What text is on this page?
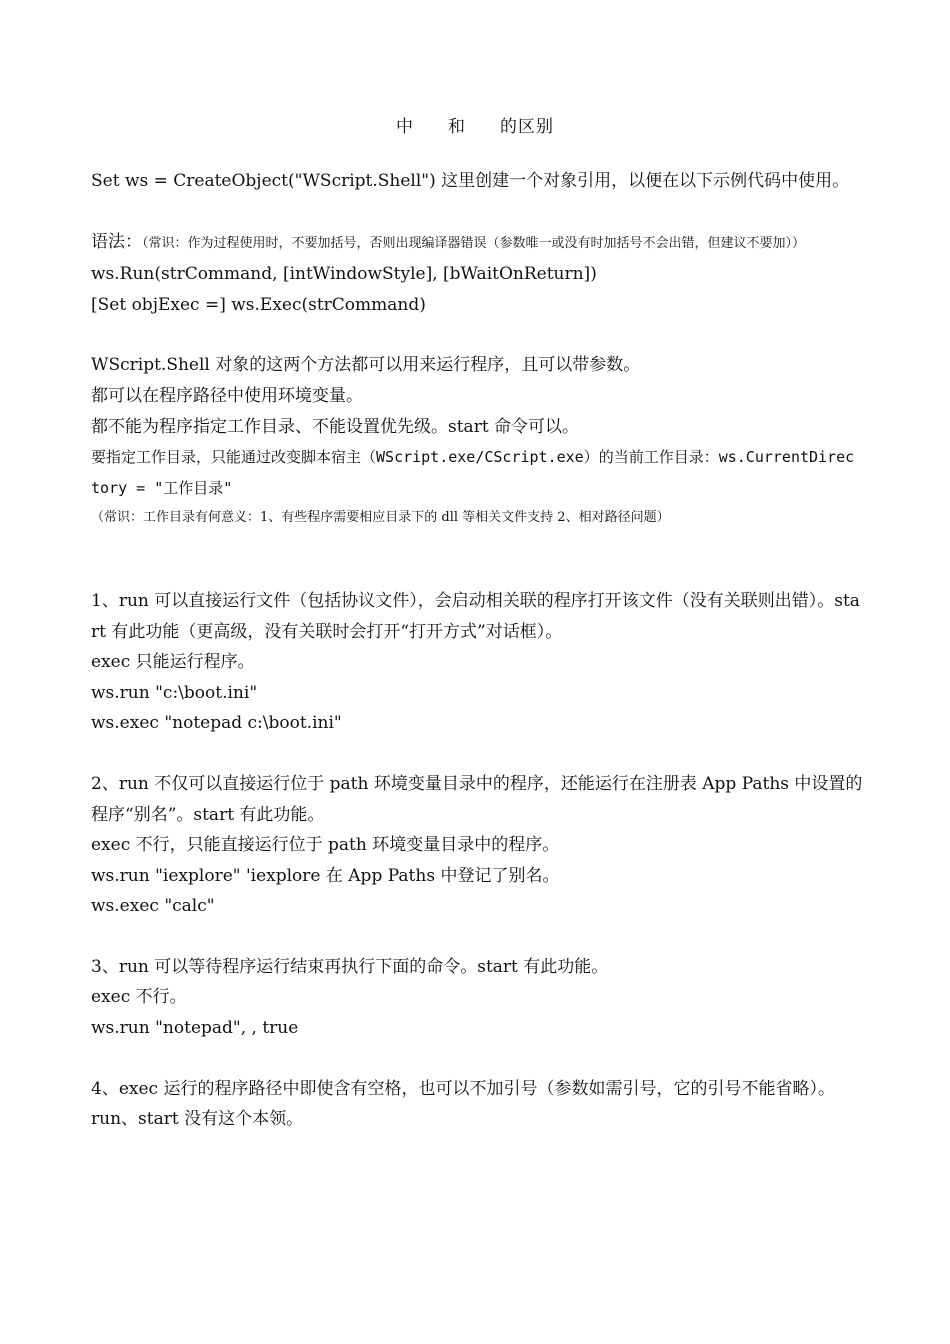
中 和 的区别

Set ws = CreateObject("WScript.Shell") 这里创建一个对象引用，以便在以下示例代码中使用。

语法：（常识：作为过程使用时，不要加括号，否则出现编译器错误（参数唯一或没有时加括号不会出错，但建议不要加））

ws.Run(strCommand, [intWindowStyle], [bWaitOnReturn])

[Set objExec =] ws.Exec(strCommand)

WScript.Shell 对象的这两个方法都可以用来运行程序，且可以带参数。

都可以在程序路径中使用环境变量。

都不能为程序指定工作目录、不能设置优先级。start 命令可以。

要指定工作目录，只能通过改变脚本宿主（WScript.exe/CScript.exe）的当前工作目录：ws.CurrentDirectory = "工作目录"

（常识：工作目录有何意义：1、有些程序需要相应目录下的 dll 等相关文件支持 2、相对路径问题）

1、run 可以直接运行文件（包括协议文件），会启动相关联的程序打开该文件（没有关联则出错）。start 有此功能（更高级，没有关联时会打开“打开方式”对话框）。

exec 只能运行程序。

ws.run "c:\boot.ini"

ws.exec "notepad c:\boot.ini"

2、run 不仅可以直接运行位于 path 环境变量目录中的程序，还能运行在注册表 App Paths 中设置的程序“别名”。start 有此功能。

exec 不行，只能直接运行位于 path 环境变量目录中的程序。

ws.run "iexplore" 'iexplore 在 App Paths 中登记了别名。

ws.exec "calc"

3、run 可以等待程序运行结束再执行下面的命令。start 有此功能。

exec 不行。

ws.run "notepad", , true

4、exec 运行的程序路径中即使含有空格，也可以不加引号（参数如需引号，它的引号不能省略）。

run、start 没有这个本领。
